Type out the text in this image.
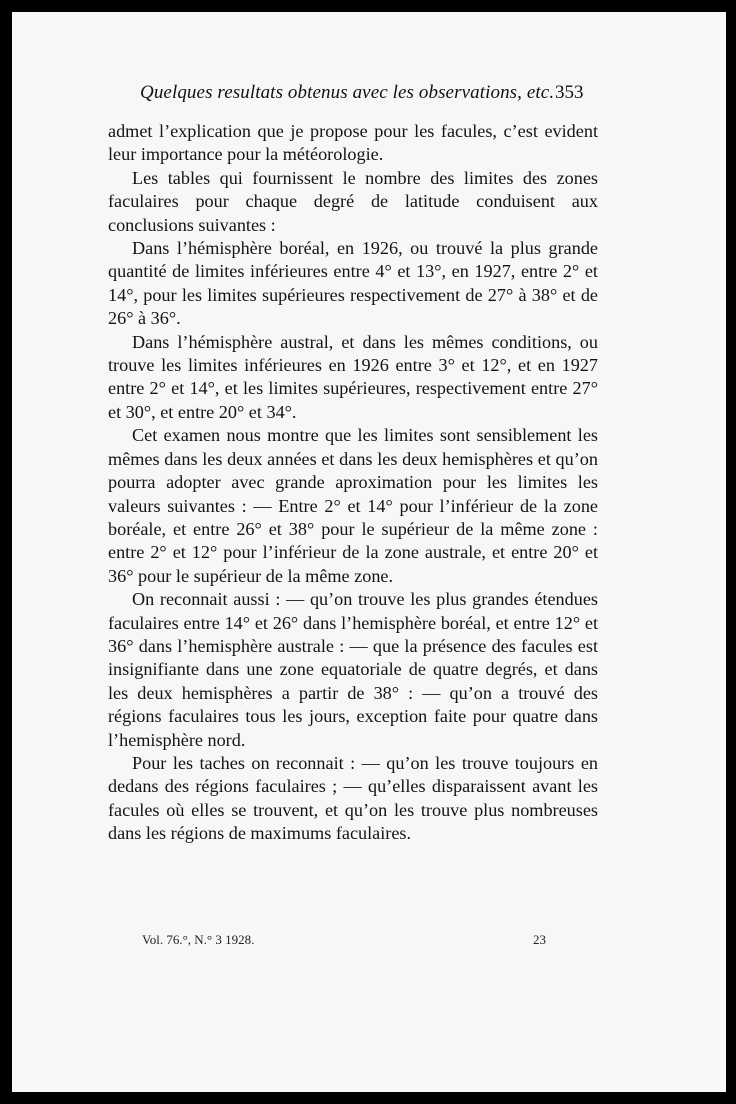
Quelques resultats obtenus avec les observations, etc. 353

admet l’explication que je propose pour les facules, c’est evident leur importance pour la météorologie.

Les tables qui fournissent le nombre des limites des zones faculaires pour chaque degré de latitude conduisent aux conclusions suivantes :

Dans l’hémisphère boréal, en 1926, ou trouvé la plus grande quantité de limites inférieures entre 4° et 13°, en 1927, entre 2° et 14°, pour les limites supérieures respectivement de 27° à 38° et de 26° à 36°.

Dans l’hémisphère austral, et dans les mêmes conditions, ou trouve les limites inférieures en 1926 entre 3° et 12°, et en 1927 entre 2° et 14°, et les limites supérieures, respectivement entre 27° et 30°, et entre 20° et 34°.

Cet examen nous montre que les limites sont sensiblement les mêmes dans les deux années et dans les deux hemisphères et qu’on pourra adopter avec grande aproximation pour les limites les valeurs suivantes : — Entre 2° et 14° pour l’inférieur de la zone boréale, et entre 26° et 38° pour le supérieur de la même zone : entre 2° et 12° pour l’inférieur de la zone australe, et entre 20° et 36° pour le supérieur de la même zone.

On reconnait aussi : — qu’on trouve les plus grandes étendues faculaires entre 14° et 26° dans l’hemisphère boréal, et entre 12° et 36° dans l’hemisphère australe : — que la présence des facules est insignifiante dans une zone equatoriale de quatre degrés, et dans les deux hemisphères a partir de 38° : — qu’on a trouvé des régions faculaires tous les jours, exception faite pour quatre dans l’hemisphère nord.

Pour les taches on reconnait : — qu’on les trouve toujours en dedans des régions faculaires ; — qu’elles disparaissent avant les facules où elles se trouvent, et qu’on les trouve plus nombreuses dans les régions de maximums faculaires.

Vol. 76.°, N.° 3 1928.	23
